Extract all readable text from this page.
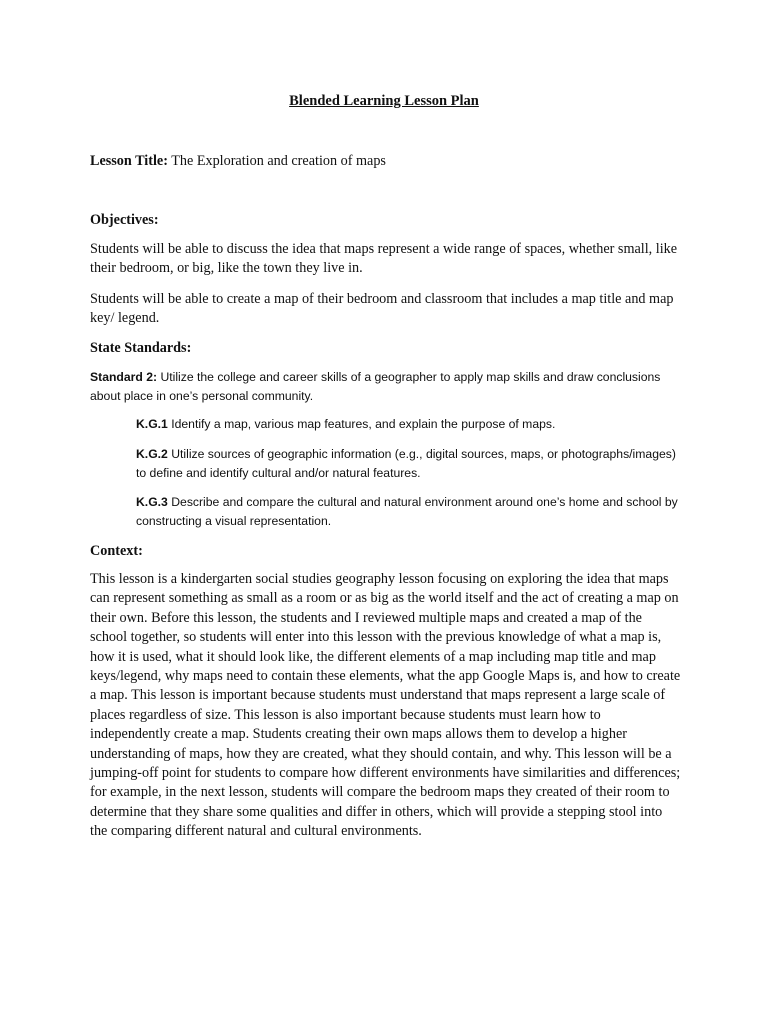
Blended Learning Lesson Plan
Lesson Title: The Exploration and creation of maps
Objectives:
Students will be able to discuss the idea that maps represent a wide range of spaces, whether small, like their bedroom, or big, like the town they live in.
Students will be able to create a map of their bedroom and classroom that includes a map title and map key/ legend.
State Standards:
Standard 2: Utilize the college and career skills of a geographer to apply map skills and draw conclusions about place in one’s personal community.
K.G.1 Identify a map, various map features, and explain the purpose of maps.
K.G.2 Utilize sources of geographic information (e.g., digital sources, maps, or photographs/images) to define and identify cultural and/or natural features.
K.G.3 Describe and compare the cultural and natural environment around one’s home and school by constructing a visual representation.
Context:
This lesson is a kindergarten social studies geography lesson focusing on exploring the idea that maps can represent something as small as a room or as big as the world itself and the act of creating a map on their own. Before this lesson, the students and I reviewed multiple maps and created a map of the school together, so students will enter into this lesson with the previous knowledge of what a map is, how it is used, what it should look like, the different elements of a map including map title and map keys/legend, why maps need to contain these elements, what the app Google Maps is, and how to create a map. This lesson is important because students must understand that maps represent a large scale of places regardless of size. This lesson is also important because students must learn how to independently create a map. Students creating their own maps allows them to develop a higher understanding of maps, how they are created, what they should contain, and why. This lesson will be a jumping-off point for students to compare how different environments have similarities and differences; for example, in the next lesson, students will compare the bedroom maps they created of their room to determine that they share some qualities and differ in others, which will provide a stepping stool into the comparing different natural and cultural environments.
